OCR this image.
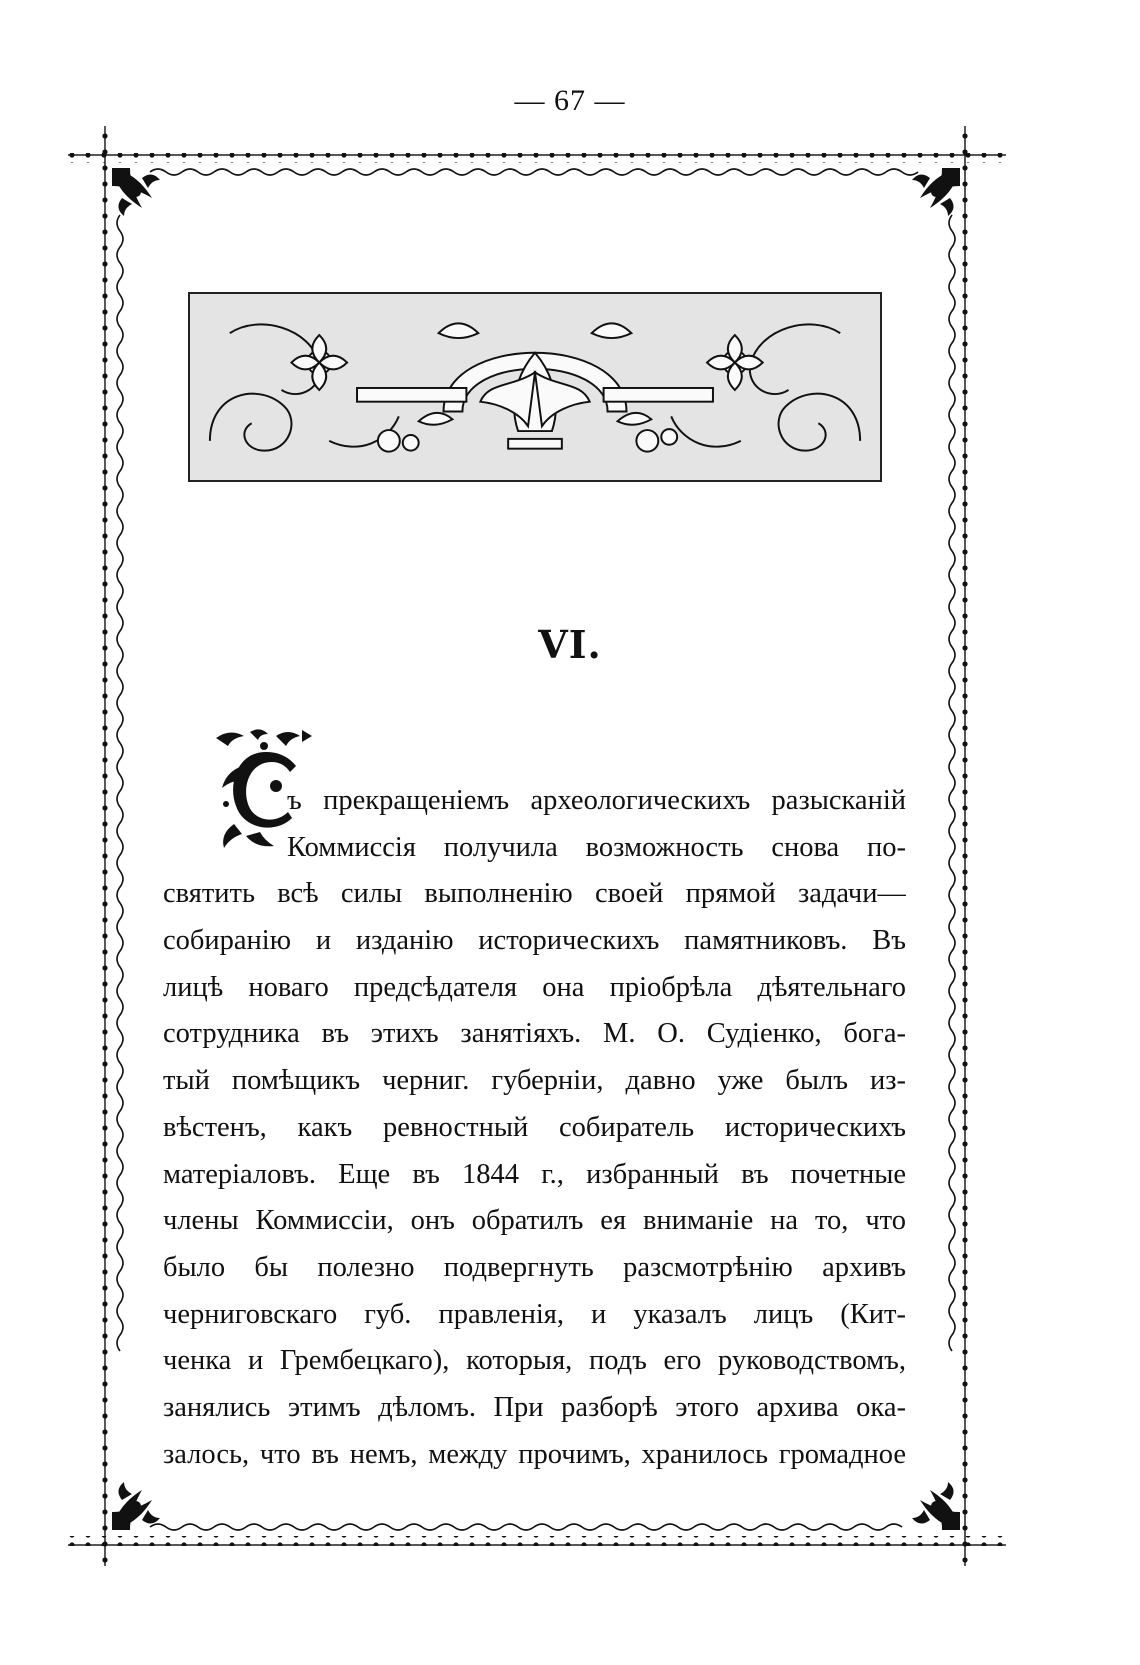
— 67 —
VI.
ъ прекращеніемъ археологическихъ разысканій
Коммиссія получила возможность снова по-
святить всѣ силы выполненію своей прямой задачи—
собиранію и изданію историческихъ памятниковъ. Въ
лицѣ новаго предсѣдателя она пріобрѣла дѣятельнаго
сотрудника въ этихъ занятіяхъ. М. О. Судіенко, бога-
тый помѣщикъ черниг. губерніи, давно уже былъ из-
вѣстенъ, какъ ревностный собиратель историческихъ
матеріаловъ. Еще въ 1844 г., избранный въ почетные
члены Коммиссіи, онъ обратилъ ея вниманіе на то, что
было бы полезно подвергнуть разсмотрѣнію архивъ
черниговскаго губ. правленія, и указалъ лицъ (Кит-
ченка и Грембецкаго), которыя, подъ его руководствомъ,
занялись этимъ дѣломъ. При разборѣ этого архива ока-
залось, что въ немъ, между прочимъ, хранилось громадное
